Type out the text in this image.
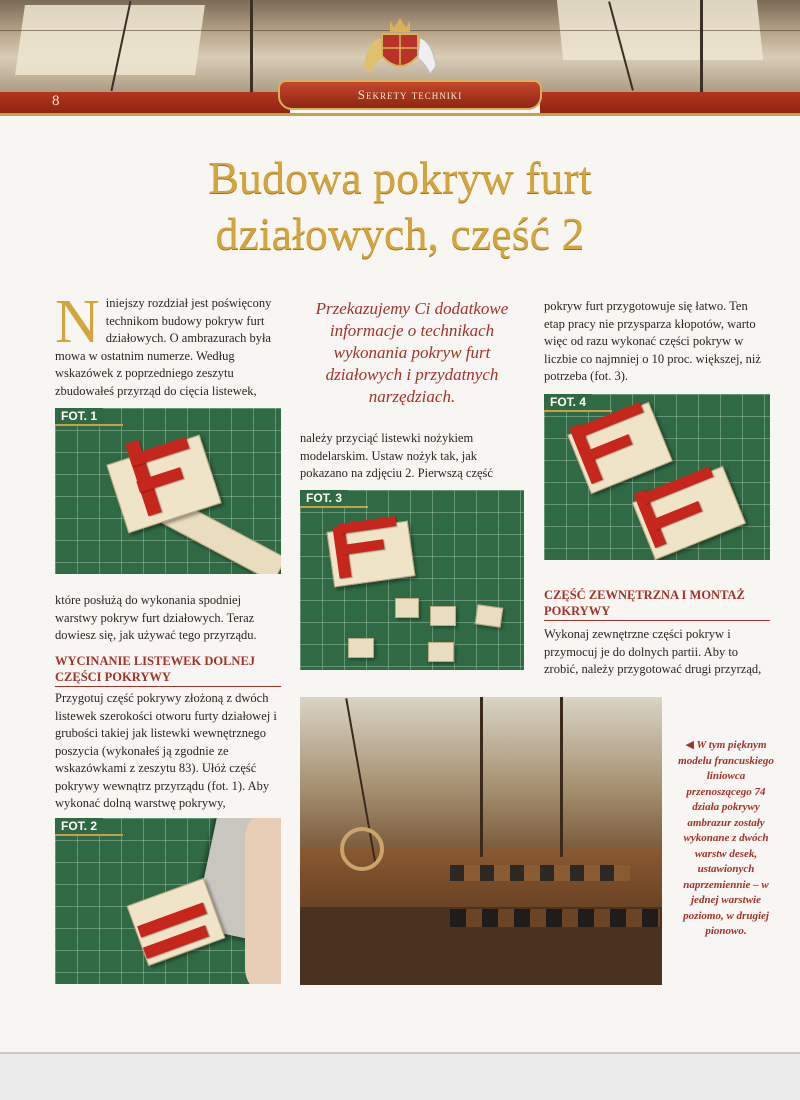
8	Sekrety techniki
Budowa pokryw furt
działowych, część 2
Niniejszy rozdział jest poświęcony technikom budowy pokryw furt działowych. O ambrazurach była mowa w ostatnim numerze. Według wskazówek z poprzedniego zeszytu zbudowałeś przyrząd do cięcia listewek,
FOT. 1
które posłużą do wykonania spodniej warstwy pokryw furt działowych. Teraz dowiesz się, jak używać tego przyrządu.
WYCINANIE LISTEWEK DOLNEJ CZĘŚCI POKRYWY
Przygotuj część pokrywy złożoną z dwóch listewek szerokości otworu furty działowej i grubości takiej jak listewki wewnętrznego poszycia (wykonałeś ją zgodnie ze wskazówkami z zeszytu 83). Ułóż część pokrywy wewnątrz przyrządu (fot. 1). Aby wykonać dolną warstwę pokrywy,
FOT. 2
Przekazujemy Ci dodatkowe informacje o technikach wykonania pokryw furt działowych i przydatnych narzędziach.
należy przyciąć listewki nożykiem modelarskim. Ustaw nożyk tak, jak pokazano na zdjęciu 2. Pierwszą część
FOT. 3
pokryw furt przygotowuje się łatwo. Ten etap pracy nie przysparza kłopotów, warto więc od razu wykonać części pokryw w liczbie co najmniej o 10 proc. większej, niż potrzeba (fot. 3).
FOT. 4
CZĘŚĆ ZEWNĘTRZNA I MONTAŻ POKRYWY
Wykonaj zewnętrzne części pokryw i przymocuj je do dolnych partii. Aby to zrobić, należy przygotować drugi przyrząd,
◀ W tym pięknym modelu francuskiego liniowca przenoszącego 74 działa pokrywy ambrazur zostały wykonane z dwóch warstw desek, ustawionych naprzemiennie – w jednej warstwie poziomo, w drugiej pionowo.
